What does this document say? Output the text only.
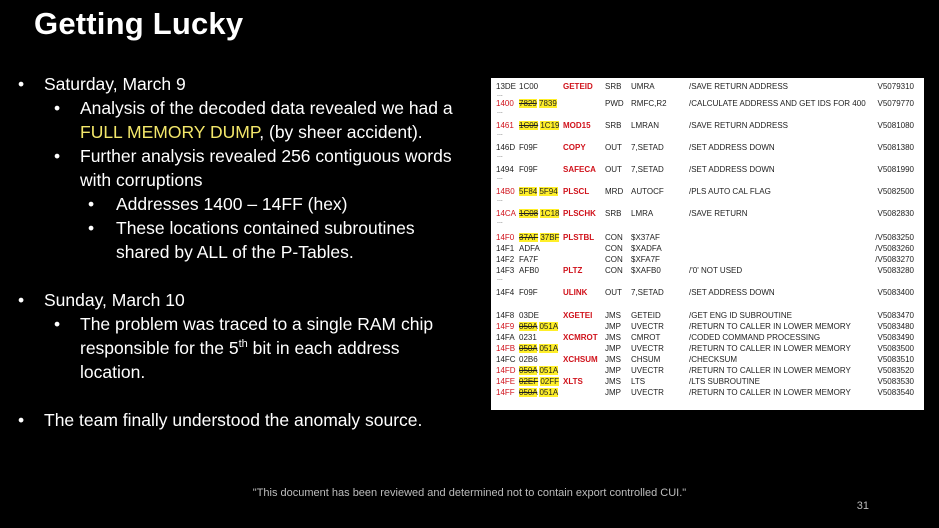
Getting Lucky
• Saturday, March 9
• Analysis of the decoded data revealed we had a
FULL MEMORY DUMP, (by sheer accident).
• Further analysis revealed 256 contiguous words
with corruptions
• Addresses 1400 – 14FF (hex)
• These locations contained subroutines
shared by ALL of the P-Tables.
• Sunday, March 10
• The problem was traced to a single RAM chip
responsible for the 5th bit in each address
location.
• The team finally understood the anomaly source.
13DE 1C00	GETEID SRB UMRA	/SAVE RETURN ADDRESS	V5079310
...
1400 7829 7839	PWD RMFC,R2	/CALCULATE ADDRESS AND GET IDS FOR 400 V5079770
...
1461 1C09 1C19 MOD15 SRB LMRAN	/SAVE RETURN ADDRESS	V5081080
...
146D F09F	COPY OUT 7,SETAD	/SET ADDRESS DOWN	V5081380
...
1494 F09F	SAFECA OUT 7,SETAD	/SET ADDRESS DOWN	V5081990
...
14B0 5F84 5F94 PLSCL MRD AUTOCF	/PLS AUTO CAL FLAG	V5082500
...
14CA 1C08 1C18 PLSCHK SRB LMRA	/SAVE RETURN	V5082830
...
14F0 37AF 37BF PLSTBL CON $X37AF	/V5083250
14F1 ADFA	CON $XADFA	/V5083260
14F2 FA7F	CON $XFA7F	/V5083270
14F3 AFB0	PLTZ	CON $XAFB0	/'0' NOT USED	V5083280
...
14F4 F09F	ULINK OUT 7,SETAD	/SET ADDRESS DOWN	V5083400
14F8 03DE	XGETEI JMS GETEID	/GET ENG ID SUBROUTINE	V5083470
14F9 050A 051A	JMP UVECTR	/RETURN TO CALLER IN LOWER MEMORY	V5083480
14FA 0231	XCMROT JMS CMROT	/CODED COMMAND PROCESSING	V5083490
14FB 050A 051A	JMP UVECTR	/RETURN TO CALLER IN LOWER MEMORY	V5083500
14FC 02B6	XCHSUM JMS CHSUM	/CHECKSUM	V5083510
14FD 050A 051A	JMP UVECTR	/RETURN TO CALLER IN LOWER MEMORY	V5083520
14FE 02EF 02FF XLTS	JMS LTS	/LTS SUBROUTINE	V5083530
14FF 050A 051A	JMP UVECTR	/RETURN TO CALLER IN LOWER MEMORY	V5083540
"This document has been reviewed and determined not to contain export controlled CUI."
31
